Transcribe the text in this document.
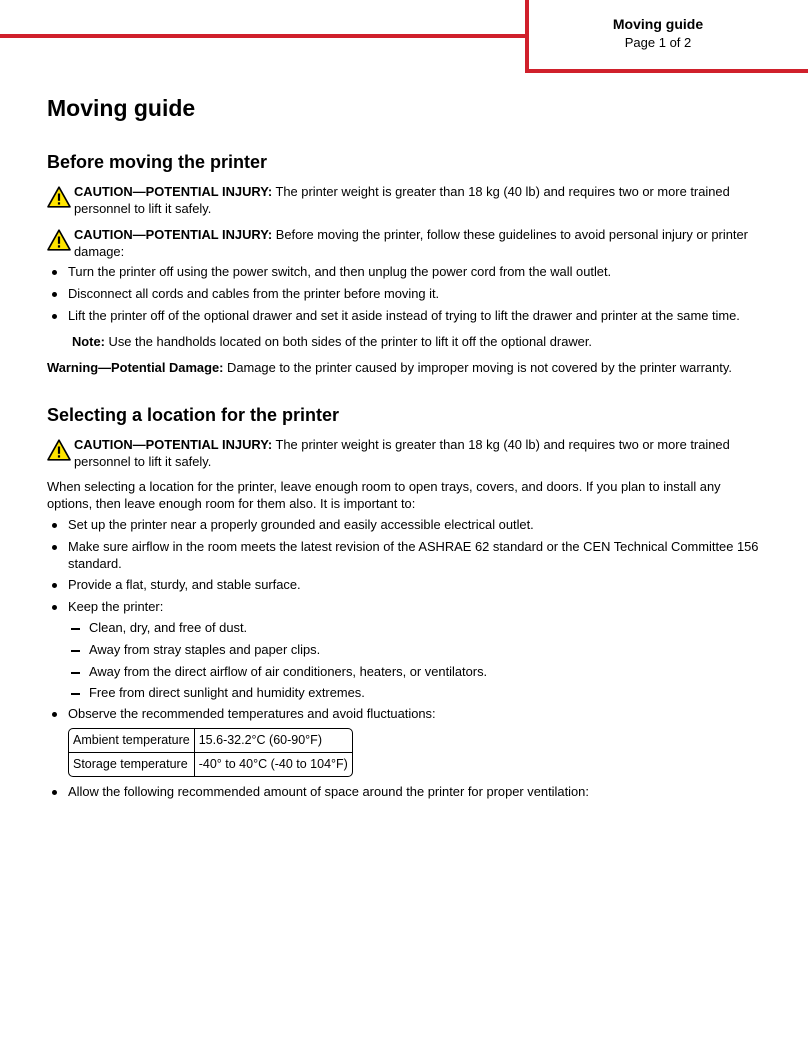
Moving guide
Page 1 of 2
Moving guide
Before moving the printer
CAUTION—POTENTIAL INJURY: The printer weight is greater than 18 kg (40 lb) and requires two or more trained personnel to lift it safely.
CAUTION—POTENTIAL INJURY: Before moving the printer, follow these guidelines to avoid personal injury or printer damage:
Turn the printer off using the power switch, and then unplug the power cord from the wall outlet.
Disconnect all cords and cables from the printer before moving it.
Lift the printer off of the optional drawer and set it aside instead of trying to lift the drawer and printer at the same time.
Note: Use the handholds located on both sides of the printer to lift it off the optional drawer.
Warning—Potential Damage: Damage to the printer caused by improper moving is not covered by the printer warranty.
Selecting a location for the printer
CAUTION—POTENTIAL INJURY: The printer weight is greater than 18 kg (40 lb) and requires two or more trained personnel to lift it safely.
When selecting a location for the printer, leave enough room to open trays, covers, and doors. If you plan to install any options, then leave enough room for them also. It is important to:
Set up the printer near a properly grounded and easily accessible electrical outlet.
Make sure airflow in the room meets the latest revision of the ASHRAE 62 standard or the CEN Technical Committee 156 standard.
Provide a flat, sturdy, and stable surface.
Keep the printer:
Clean, dry, and free of dust.
Away from stray staples and paper clips.
Away from the direct airflow of air conditioners, heaters, or ventilators.
Free from direct sunlight and humidity extremes.
Observe the recommended temperatures and avoid fluctuations:
Ambient temperature	15.6-32.2°C (60-90°F)
Storage temperature	-40° to 40°C (-40 to 104°F)
Allow the following recommended amount of space around the printer for proper ventilation:
